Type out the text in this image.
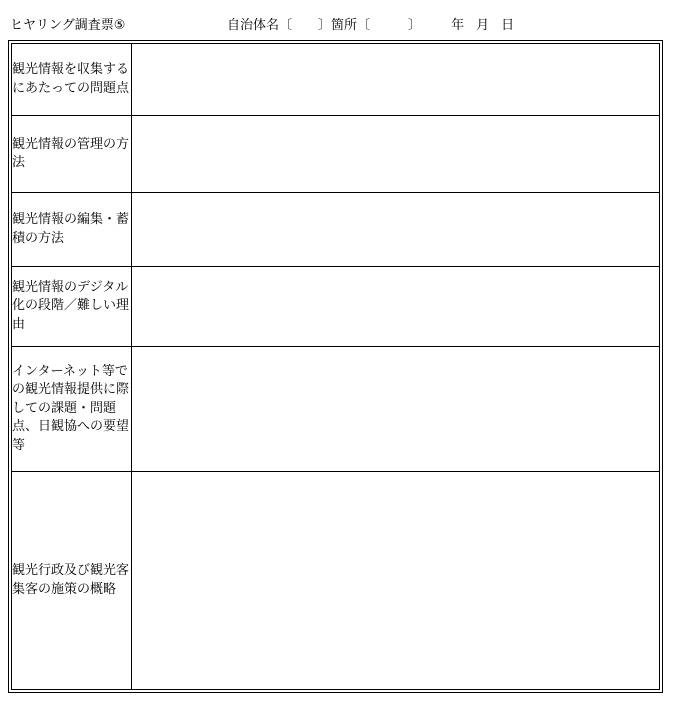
ヒヤリング調査票⑤	自治体名〔 〕箇所〔	〕 年 月 日
観光情報を収集するにあたっての問題点	
観光情報の管理の方法	
観光情報の編集・蓄積の方法	
観光情報のデジタル化の段階／難しい理由	
インターネット等での観光情報提供に際しての課題・問題点、日観協への要望等	
観光行政及び観光客集客の施策の概略	
